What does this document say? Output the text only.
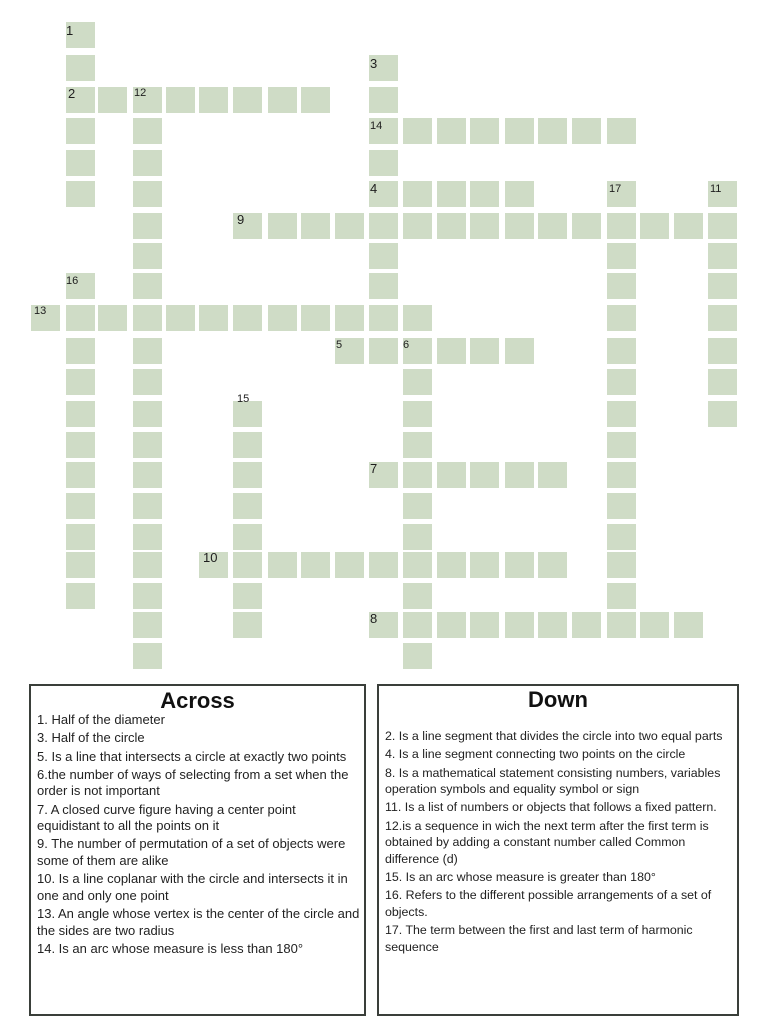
1
2	12
3
14
4	17	11
9
16
13
5	6
15
7
10
8
Across

1. Half of the diameter

3. Half of the circle

5. Is a line that intersects a circle at exactly two points

6.the number of ways of selecting from a set when the order is not important

7. A closed curve figure having a center point equidistant to all the points on it

9. The number of permutation of a set of objects were some of them are alike

10. Is a line coplanar with the circle and intersects it in one and only one point

13. An angle whose vertex is the center of the circle and the sides are two radius

14. Is an arc whose measure is less than 180°

Down

2. Is a line segment that divides the circle into two equal parts

4. Is a line segment connecting two points on the circle

8. Is a mathematical statement consisting numbers, variables operation symbols and equality symbol or sign

11. Is a list of numbers or objects that follows a fixed pattern.

12.is a sequence in wich the next term after the first term is obtained by adding a constant number called Common difference (d)

15. Is an arc whose measure is greater than 180°

16. Refers to the different possible arrangements of a set of objects.

17. The term between the first and last term of harmonic sequence
